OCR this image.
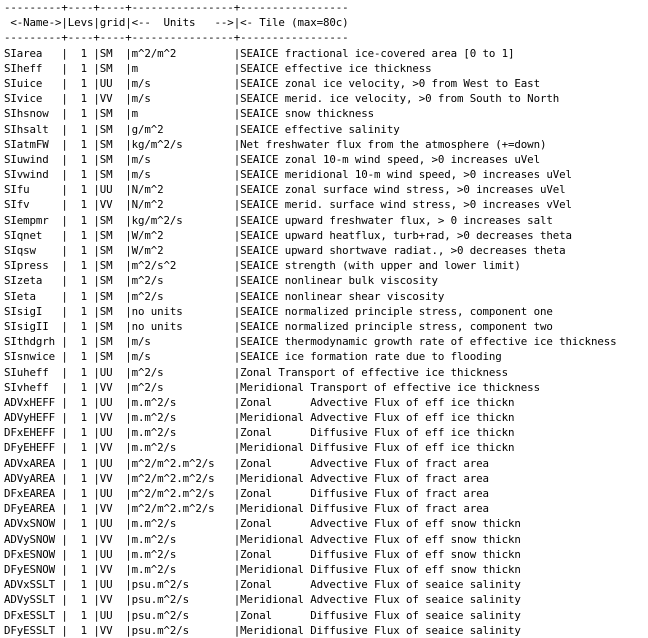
---------+----+----+----------------+-----------------
<-Name->|Levs|grid|<--  Units   -->|<- Tile (max=80c)
---------+----+----+----------------+-----------------
SIarea   |  1 |SM  |m^2/m^2         |SEAICE fractional ice-covered area [0 to 1]
SIheff   |  1 |SM  |m               |SEAICE effective ice thickness
SIuice   |  1 |UU  |m/s             |SEAICE zonal ice velocity, >0 from West to East
SIvice   |  1 |VV  |m/s             |SEAICE merid. ice velocity, >0 from South to North
SIhsnow  |  1 |SM  |m               |SEAICE snow thickness
SIhsalt  |  1 |SM  |g/m^2           |SEAICE effective salinity
SIatmFW  |  1 |SM  |kg/m^2/s        |Net freshwater flux from the atmosphere (+=down)
SIuwind  |  1 |SM  |m/s             |SEAICE zonal 10-m wind speed, >0 increases uVel
SIvwind  |  1 |SM  |m/s             |SEAICE meridional 10-m wind speed, >0 increases uVel
SIfu     |  1 |UU  |N/m^2           |SEAICE zonal surface wind stress, >0 increases uVel
SIfv     |  1 |VV  |N/m^2           |SEAICE merid. surface wind stress, >0 increases vVel
SIempmr  |  1 |SM  |kg/m^2/s        |SEAICE upward freshwater flux, > 0 increases salt
SIqnet   |  1 |SM  |W/m^2           |SEAICE upward heatflux, turb+rad, >0 decreases theta
SIqsw    |  1 |SM  |W/m^2           |SEAICE upward shortwave radiat., >0 decreases theta
SIpress  |  1 |SM  |m^2/s^2         |SEAICE strength (with upper and lower limit)
SIzeta   |  1 |SM  |m^2/s           |SEAICE nonlinear bulk viscosity
SIeta    |  1 |SM  |m^2/s           |SEAICE nonlinear shear viscosity
SIsigI   |  1 |SM  |no units        |SEAICE normalized principle stress, component one
SIsigII  |  1 |SM  |no units        |SEAICE normalized principle stress, component two
SIthdgrh |  1 |SM  |m/s             |SEAICE thermodynamic growth rate of effective ice thickness
SIsnwice |  1 |SM  |m/s             |SEAICE ice formation rate due to flooding
SIuheff  |  1 |UU  |m^2/s           |Zonal Transport of effective ice thickness
SIvheff  |  1 |VV  |m^2/s           |Meridional Transport of effective ice thickness
ADVxHEFF |  1 |UU  |m.m^2/s         |Zonal      Advective Flux of eff ice thickn
ADVyHEFF |  1 |VV  |m.m^2/s         |Meridional Advective Flux of eff ice thickn
DFxEHEFF |  1 |UU  |m.m^2/s         |Zonal      Diffusive Flux of eff ice thickn
DFyEHEFF |  1 |VV  |m.m^2/s         |Meridional Diffusive Flux of eff ice thickn
ADVxAREA |  1 |UU  |m^2/m^2.m^2/s   |Zonal      Advective Flux of fract area
ADVyAREA |  1 |VV  |m^2/m^2.m^2/s   |Meridional Advective Flux of fract area
DFxEAREA |  1 |UU  |m^2/m^2.m^2/s   |Zonal      Diffusive Flux of fract area
DFyEAREA |  1 |VV  |m^2/m^2.m^2/s   |Meridional Diffusive Flux of fract area
ADVxSNOW |  1 |UU  |m.m^2/s         |Zonal      Advective Flux of eff snow thickn
ADVySNOW |  1 |VV  |m.m^2/s         |Meridional Advective Flux of eff snow thickn
DFxESNOW |  1 |UU  |m.m^2/s         |Zonal      Diffusive Flux of eff snow thickn
DFyESNOW |  1 |VV  |m.m^2/s         |Meridional Diffusive Flux of eff snow thickn
ADVxSSLT |  1 |UU  |psu.m^2/s       |Zonal      Advective Flux of seaice salinity
ADVySSLT |  1 |VV  |psu.m^2/s       |Meridional Advective Flux of seaice salinity
DFxESSLT |  1 |UU  |psu.m^2/s       |Zonal      Diffusive Flux of seaice salinity
DFyESSLT |  1 |VV  |psu.m^2/s       |Meridional Diffusive Flux of seaice salinity
